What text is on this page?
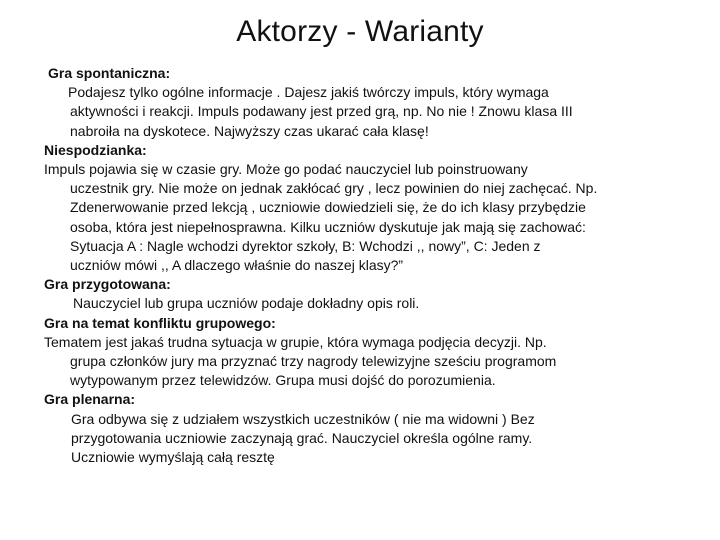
Aktorzy - Warianty

Gra spontaniczna:

Podajesz tylko ogólne informacje . Dajesz jakiś twórczy impuls, który wymaga
aktywności i reakcji. Impuls podawany jest przed grą, np. No nie ! Znowu klasa III
nabroiła na dyskotece. Najwyższy czas ukarać cała klasę!

Niespodzianka:

Impuls pojawia się w czasie gry. Może go podać nauczyciel lub poinstruowany
uczestnik gry. Nie może on jednak zakłócać gry , lecz powinien do niej zachęcać. Np.
Zdenerwowanie przed lekcją , uczniowie dowiedzieli się, że do ich klasy przybędzie
osoba, która jest niepełnosprawna. Kilku uczniów dyskutuje jak mają się zachować:
Sytuacja A : Nagle wchodzi dyrektor szkoły, B: Wchodzi ,, nowy”, C: Jeden z
uczniów mówi ,, A dlaczego właśnie do naszej klasy?”

Gra przygotowana:

Nauczyciel lub grupa uczniów podaje dokładny opis roli.

Gra na temat konfliktu grupowego:

Tematem jest jakaś trudna sytuacja w grupie, która wymaga podjęcia decyzji. Np.
grupa członków jury ma przyznać trzy nagrody telewizyjne sześciu programom
wytypowanym przez telewidzów. Grupa musi dojść do porozumienia.

Gra plenarna:

Gra odbywa się z udziałem wszystkich uczestników ( nie ma widowni ) Bez
przygotowania uczniowie zaczynają grać. Nauczyciel określa ogólne ramy.
Uczniowie wymyślają całą resztę
